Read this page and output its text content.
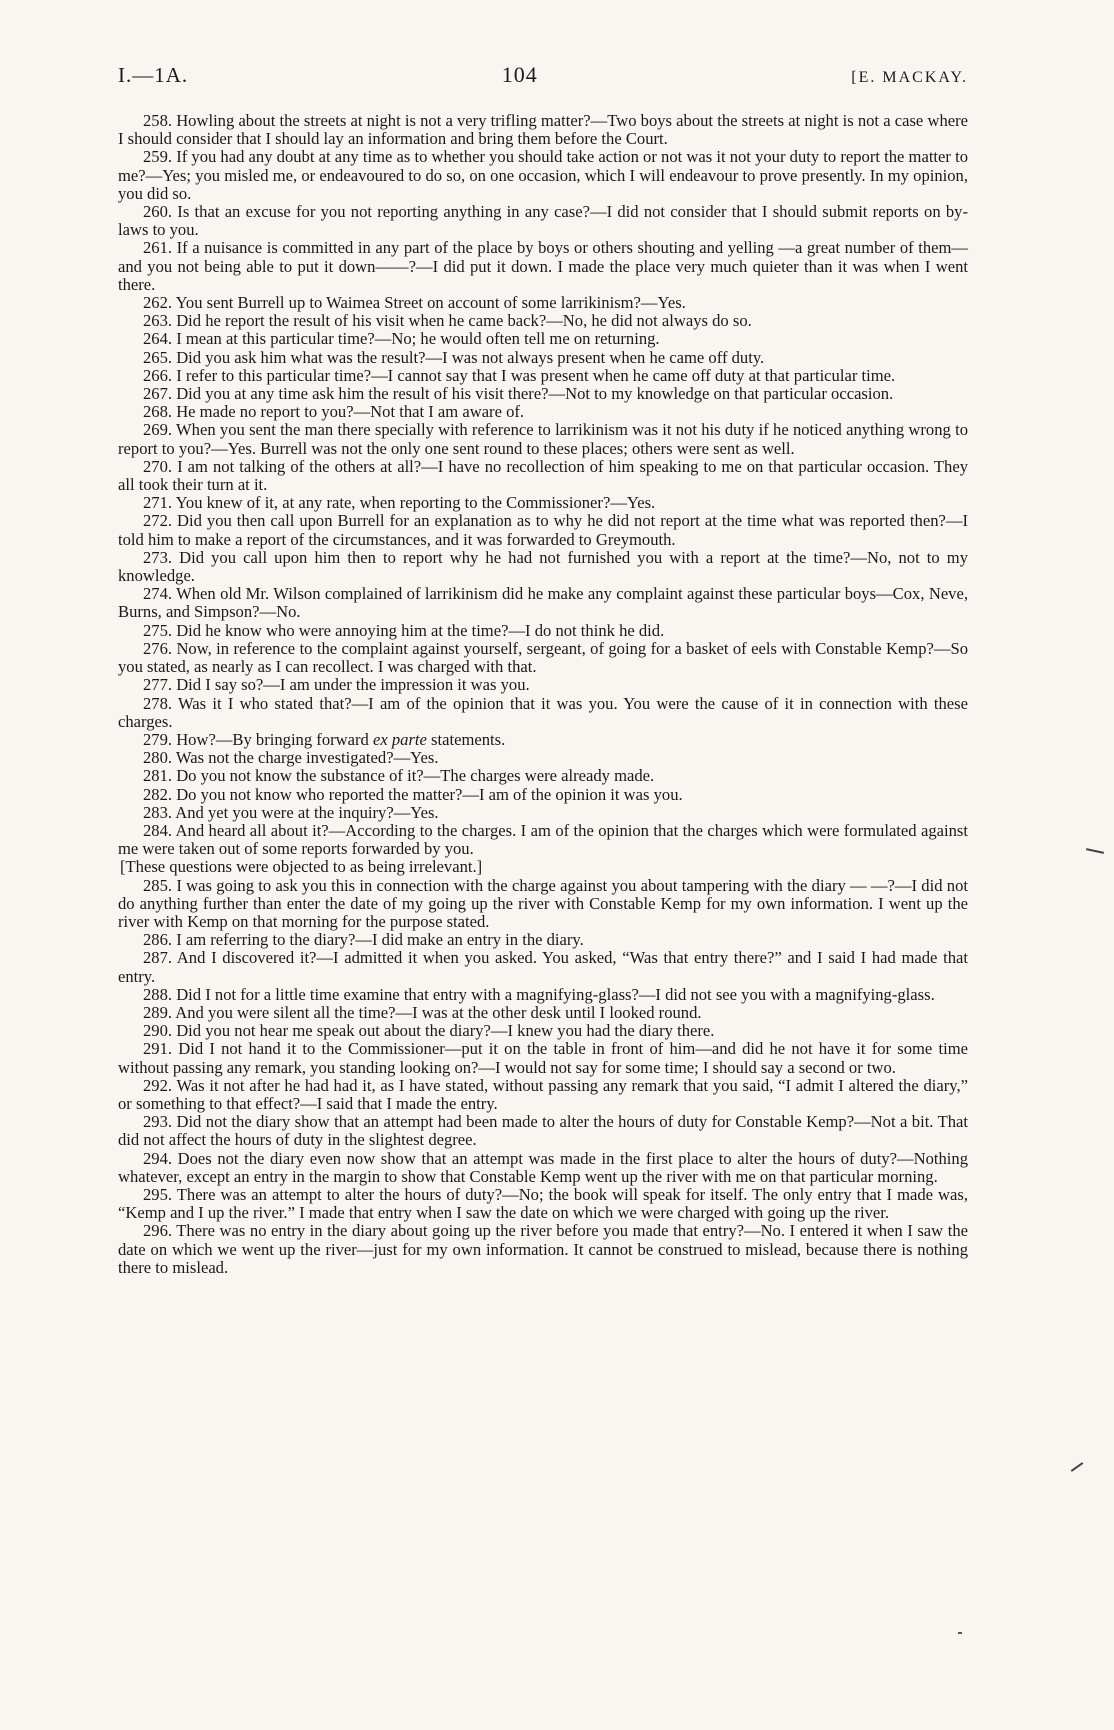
I.—1A.	104	[E. MACKAY.

258. Howling about the streets at night is not a very trifling matter?—Two boys about the streets at night is not a case where I should consider that I should lay an information and bring them before the Court.

259. If you had any doubt at any time as to whether you should take action or not was it not your duty to report the matter to me?—Yes; you misled me, or endeavoured to do so, on one occasion, which I will endeavour to prove presently. In my opinion, you did so.

260. Is that an excuse for you not reporting anything in any case?—I did not consider that I should submit reports on by-laws to you.

261. If a nuisance is committed in any part of the place by boys or others shouting and yelling —a great number of them—and you not being able to put it down——?—I did put it down. I made the place very much quieter than it was when I went there.

262. You sent Burrell up to Waimea Street on account of some larrikinism?—Yes.

263. Did he report the result of his visit when he came back?—No, he did not always do so.

264. I mean at this particular time?—No; he would often tell me on returning.

265. Did you ask him what was the result?—I was not always present when he came off duty.

266. I refer to this particular time?—I cannot say that I was present when he came off duty at that particular time.

267. Did you at any time ask him the result of his visit there?—Not to my knowledge on that particular occasion.

268. He made no report to you?—Not that I am aware of.

269. When you sent the man there specially with reference to larrikinism was it not his duty if he noticed anything wrong to report to you?—Yes. Burrell was not the only one sent round to these places; others were sent as well.

270. I am not talking of the others at all?—I have no recollection of him speaking to me on that particular occasion. They all took their turn at it.

271. You knew of it, at any rate, when reporting to the Commissioner?—Yes.

272. Did you then call upon Burrell for an explanation as to why he did not report at the time what was reported then?—I told him to make a report of the circumstances, and it was forwarded to Greymouth.

273. Did you call upon him then to report why he had not furnished you with a report at the time?—No, not to my knowledge.

274. When old Mr. Wilson complained of larrikinism did he make any complaint against these particular boys—Cox, Neve, Burns, and Simpson?—No.

275. Did he know who were annoying him at the time?—I do not think he did.

276. Now, in reference to the complaint against yourself, sergeant, of going for a basket of eels with Constable Kemp?—So you stated, as nearly as I can recollect. I was charged with that.

277. Did I say so?—I am under the impression it was you.

278. Was it I who stated that?—I am of the opinion that it was you. You were the cause of it in connection with these charges.

279. How?—By bringing forward ex parte statements.

280. Was not the charge investigated?—Yes.

281. Do you not know the substance of it?—The charges were already made.

282. Do you not know who reported the matter?—I am of the opinion it was you.

283. And yet you were at the inquiry?—Yes.

284. And heard all about it?—According to the charges. I am of the opinion that the charges which were formulated against me were taken out of some reports forwarded by you.

[These questions were objected to as being irrelevant.]

285. I was going to ask you this in connection with the charge against you about tampering with the diary — —?—I did not do anything further than enter the date of my going up the river with Constable Kemp for my own information. I went up the river with Kemp on that morning for the purpose stated.

286. I am referring to the diary?—I did make an entry in the diary.

287. And I discovered it?—I admitted it when you asked. You asked, “Was that entry there?” and I said I had made that entry.

288. Did I not for a little time examine that entry with a magnifying-glass?—I did not see you with a magnifying-glass.

289. And you were silent all the time?—I was at the other desk until I looked round.

290. Did you not hear me speak out about the diary?—I knew you had the diary there.

291. Did I not hand it to the Commissioner—put it on the table in front of him—and did he not have it for some time without passing any remark, you standing looking on?—I would not say for some time; I should say a second or two.

292. Was it not after he had had it, as I have stated, without passing any remark that you said, “I admit I altered the diary,” or something to that effect?—I said that I made the entry.

293. Did not the diary show that an attempt had been made to alter the hours of duty for Constable Kemp?—Not a bit. That did not affect the hours of duty in the slightest degree.

294. Does not the diary even now show that an attempt was made in the first place to alter the hours of duty?—Nothing whatever, except an entry in the margin to show that Constable Kemp went up the river with me on that particular morning.

295. There was an attempt to alter the hours of duty?—No; the book will speak for itself. The only entry that I made was, “Kemp and I up the river.” I made that entry when I saw the date on which we were charged with going up the river.

296. There was no entry in the diary about going up the river before you made that entry?—No. I entered it when I saw the date on which we went up the river—just for my own information. It cannot be construed to mislead, because there is nothing there to mislead.
